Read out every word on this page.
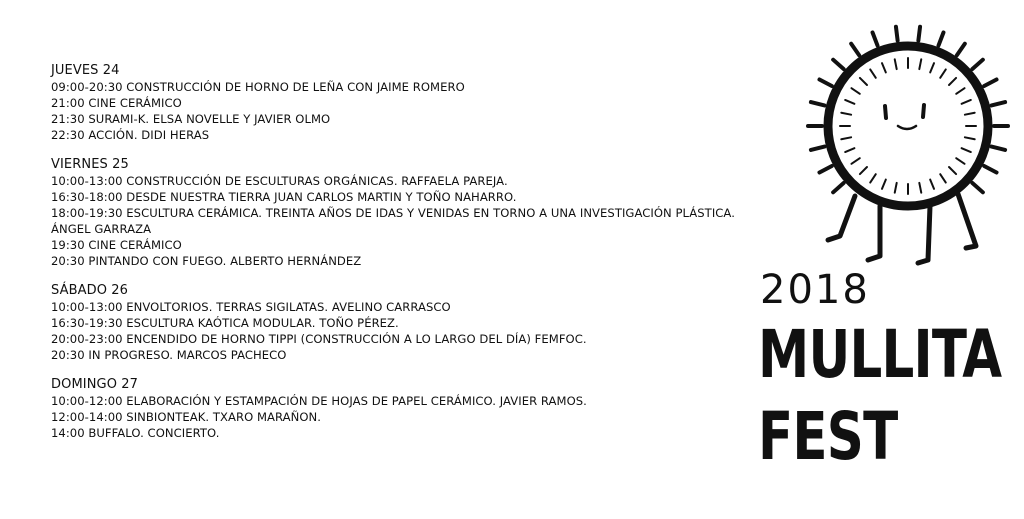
JUEVES 24
09:00-20:30 CONSTRUCCIÓN DE HORNO DE LEÑA CON JAIME ROMERO
21:00 CINE CERÁMICO
21:30 SURAMI-K. ELSA NOVELLE Y JAVIER OLMO
22:30 ACCIÓN. DIDI HERAS
VIERNES 25
10:00-13:00 CONSTRUCCIÓN DE ESCULTURAS ORGÁNICAS. RAFFAELA PAREJA.
16:30-18:00 DESDE NUESTRA TIERRA JUAN CARLOS MARTIN Y TOÑO NAHARRO.
18:00-19:30 ESCULTURA CERÁMICA. TREINTA AÑOS DE IDAS Y VENIDAS EN TORNO A UNA INVESTIGACIÓN PLÁSTICA.
ÁNGEL GARRAZA
19:30 CINE CERÁMICO
20:30 PINTANDO CON FUEGO. ALBERTO HERNÁNDEZ
SÁBADO 26
10:00-13:00 ENVOLTORIOS. TERRAS SIGILATAS. AVELINO CARRASCO
16:30-19:30 ESCULTURA KAÓTICA MODULAR. TOÑO PÉREZ.
20:00-23:00 ENCENDIDO DE HORNO TIPPI (CONSTRUCCIÓN A LO LARGO DEL DÍA) FEMFOC.
20:30 IN PROGRESO. MARCOS PACHECO
DOMINGO 27
10:00-12:00 ELABORACIÓN Y ESTAMPACIÓN DE HOJAS DE PAPEL CERÁMICO. JAVIER RAMOS.
12:00-14:00 SINBIONTEAK. TXARO MARAÑON.
14:00 BUFFALO. CONCIERTO.
2018
MULLITA
FEST
